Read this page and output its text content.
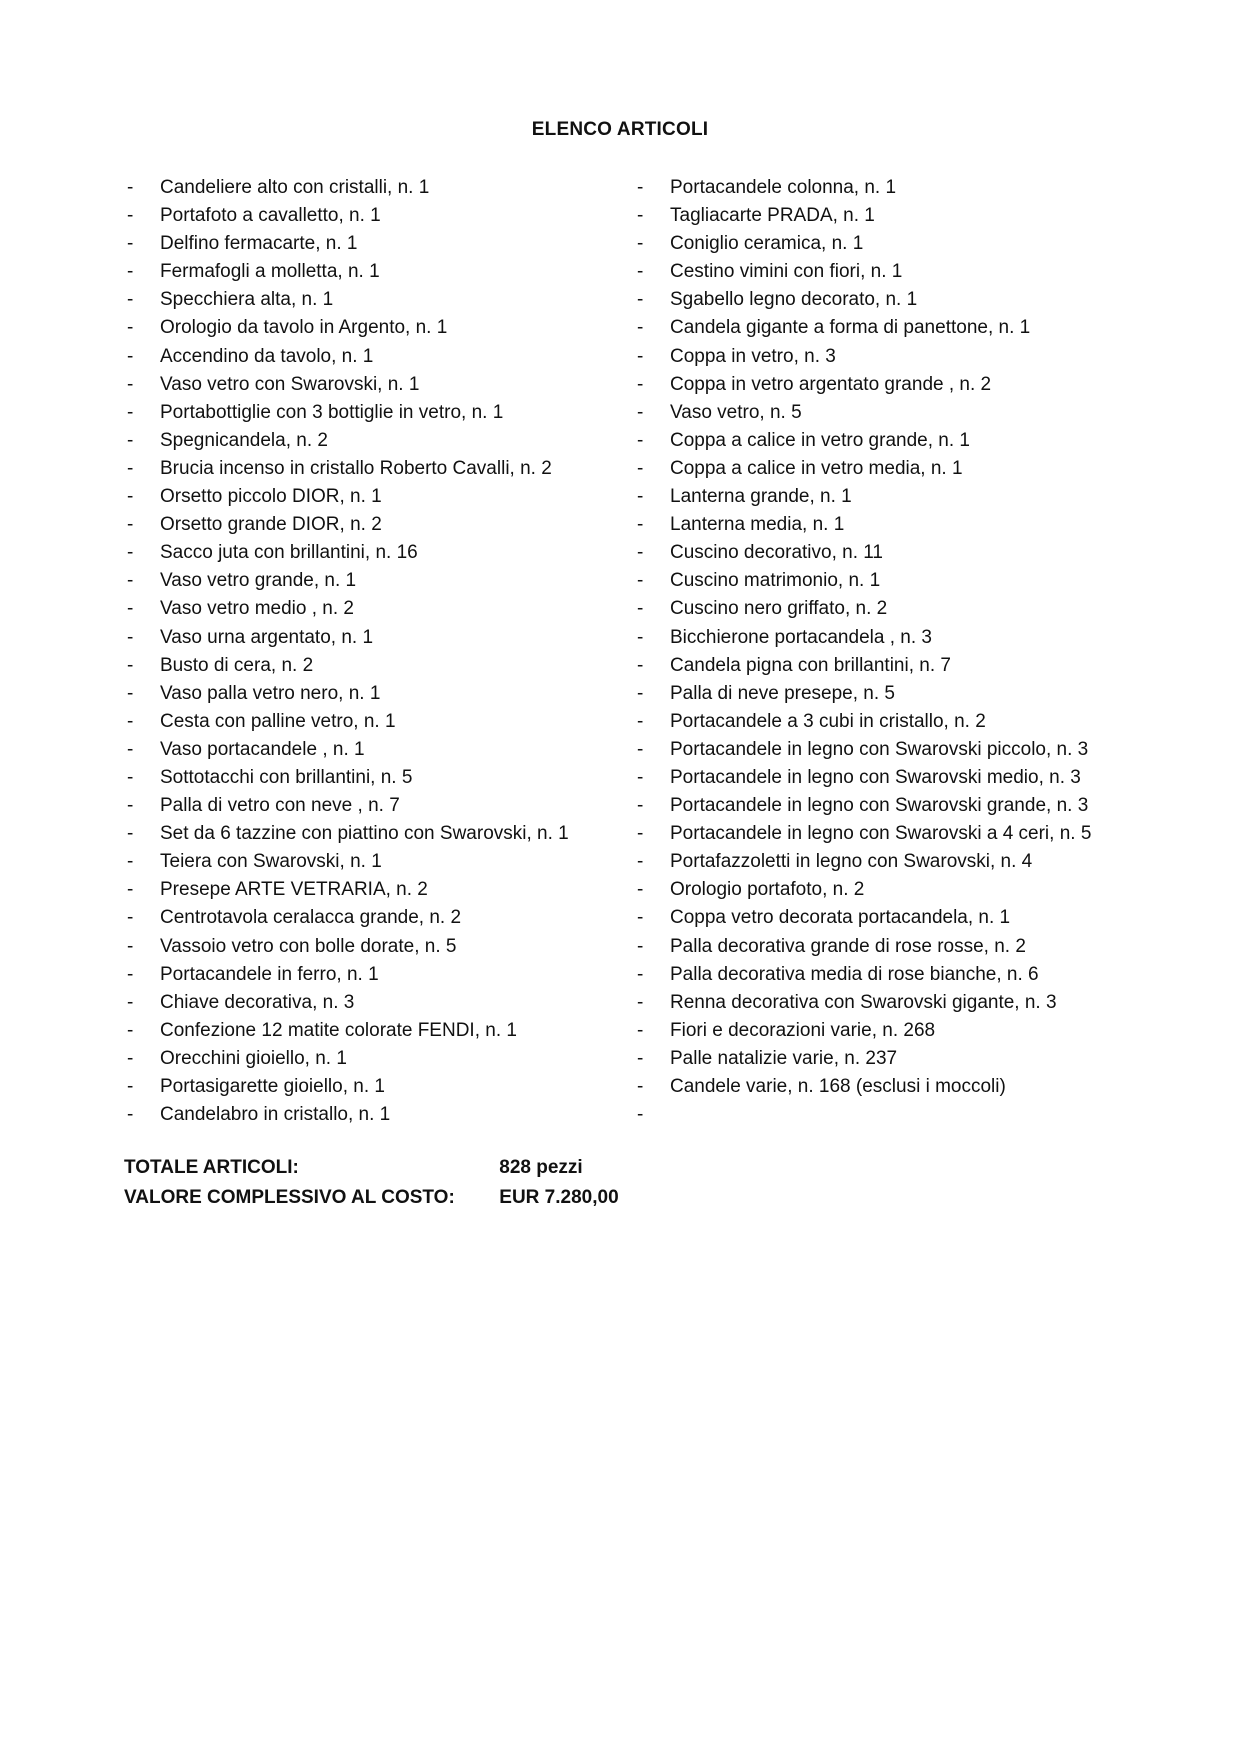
ELENCO ARTICOLI
- Candeliere alto con cristalli, n. 1
- Portafoto a cavalletto, n. 1
- Delfino fermacarte, n. 1
- Fermafogli a molletta, n. 1
- Specchiera alta, n. 1
- Orologio da tavolo in Argento, n. 1
- Accendino da tavolo, n. 1
- Vaso vetro con Swarovski, n. 1
- Portabottiglie con 3 bottiglie in vetro, n. 1
- Spegnicandela, n. 2
- Brucia incenso in cristallo Roberto Cavalli, n. 2
- Orsetto piccolo DIOR, n. 1
- Orsetto grande DIOR, n. 2
- Sacco juta con brillantini, n. 16
- Vaso vetro grande, n. 1
- Vaso vetro medio , n. 2
- Vaso urna argentato, n. 1
- Busto di cera, n. 2
- Vaso palla vetro nero, n. 1
- Cesta con palline vetro, n. 1
- Vaso portacandele , n. 1
- Sottotacchi con brillantini, n. 5
- Palla di vetro con neve , n. 7
- Set da 6 tazzine con piattino con Swarovski, n. 1
- Teiera con Swarovski, n. 1
- Presepe ARTE VETRARIA, n. 2
- Centrotavola ceralacca grande, n. 2
- Vassoio vetro con bolle dorate, n. 5
- Portacandele in ferro, n. 1
- Chiave decorativa, n. 3
- Confezione 12 matite colorate FENDI, n. 1
- Orecchini gioiello, n. 1
- Portasigarette gioiello, n. 1
- Candelabro in cristallo, n. 1
- Portacandele colonna, n. 1
- Tagliacarte PRADA, n. 1
- Coniglio ceramica, n. 1
- Cestino vimini con fiori, n. 1
- Sgabello legno decorato, n. 1
- Candela gigante a forma di panettone, n. 1
- Coppa in vetro, n. 3
- Coppa in vetro argentato grande , n. 2
- Vaso vetro, n. 5
- Coppa a calice in vetro grande, n. 1
- Coppa a calice in vetro media, n. 1
- Lanterna grande, n. 1
- Lanterna media, n. 1
- Cuscino decorativo, n. 11
- Cuscino matrimonio, n. 1
- Cuscino nero griffato, n. 2
- Bicchierone portacandela , n. 3
- Candela pigna con brillantini, n. 7
- Palla di neve presepe, n. 5
- Portacandele a 3 cubi in cristallo, n. 2
- Portacandele in legno con Swarovski piccolo, n. 3
- Portacandele in legno con Swarovski medio, n. 3
- Portacandele in legno con Swarovski grande, n. 3
- Portacandele in legno con Swarovski a 4 ceri, n. 5
- Portafazzoletti in legno con Swarovski, n. 4
- Orologio portafoto, n. 2
- Coppa vetro decorata portacandela, n. 1
- Palla decorativa grande di rose rosse, n. 2
- Palla decorativa media di rose bianche, n. 6
- Renna decorativa con Swarovski gigante, n. 3
- Fiori e decorazioni varie, n. 268
- Palle natalizie varie, n. 237
- Candele varie, n. 168 (esclusi i moccoli)
-
TOTALE ARTICOLI:	828 pezzi
VALORE COMPLESSIVO AL COSTO: EUR 7.280,00
